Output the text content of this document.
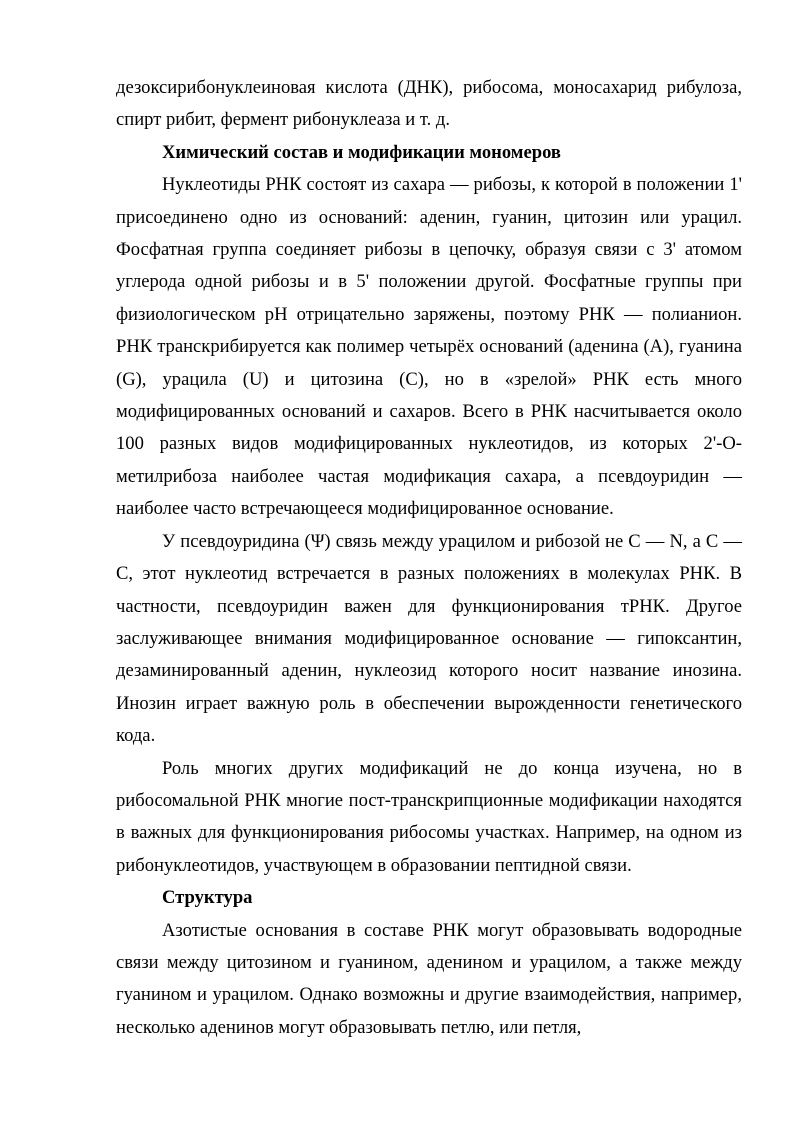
дезоксирибонуклеиновая кислота (ДНК), рибосома, моносахарид рибулоза, спирт рибит, фермент рибонуклеаза и т. д.

Химический состав и модификации мономеров

Нуклеотиды РНК состоят из сахара — рибозы, к которой в положении 1' присоединено одно из оснований: аденин, гуанин, цитозин или урацил. Фосфатная группа соединяет рибозы в цепочку, образуя связи с 3' атомом углерода одной рибозы и в 5' положении другой. Фосфатные группы при физиологическом pH отрицательно заряжены, поэтому РНК — полианион. РНК транскрибируется как полимер четырёх оснований (аденина (A), гуанина (G), урацила (U) и цитозина (C), но в «зрелой» РНК есть много модифицированных оснований и сахаров. Всего в РНК насчитывается около 100 разных видов модифицированных нуклеотидов, из которых 2'-O-метилрибоза наиболее частая модификация сахара, а псевдоуридин — наиболее часто встречающееся модифицированное основание.

У псевдоуридина (Ψ) связь между урацилом и рибозой не C — N, а C — C, этот нуклеотид встречается в разных положениях в молекулах РНК. В частности, псевдоуридин важен для функционирования тРНК. Другое заслуживающее внимания модифицированное основание — гипоксантин, дезаминированный аденин, нуклеозид которого носит название инозина. Инозин играет важную роль в обеспечении вырожденности генетического кода.

Роль многих других модификаций не до конца изучена, но в рибосомальной РНК многие пост-транскрипционные модификации находятся в важных для функционирования рибосомы участках. Например, на одном из рибонуклеотидов, участвующем в образовании пептидной связи.

Структура

Азотистые основания в составе РНК могут образовывать водородные связи между цитозином и гуанином, аденином и урацилом, а также между гуанином и урацилом. Однако возможны и другие взаимодействия, например, несколько аденинов могут образовывать петлю, или петля,
